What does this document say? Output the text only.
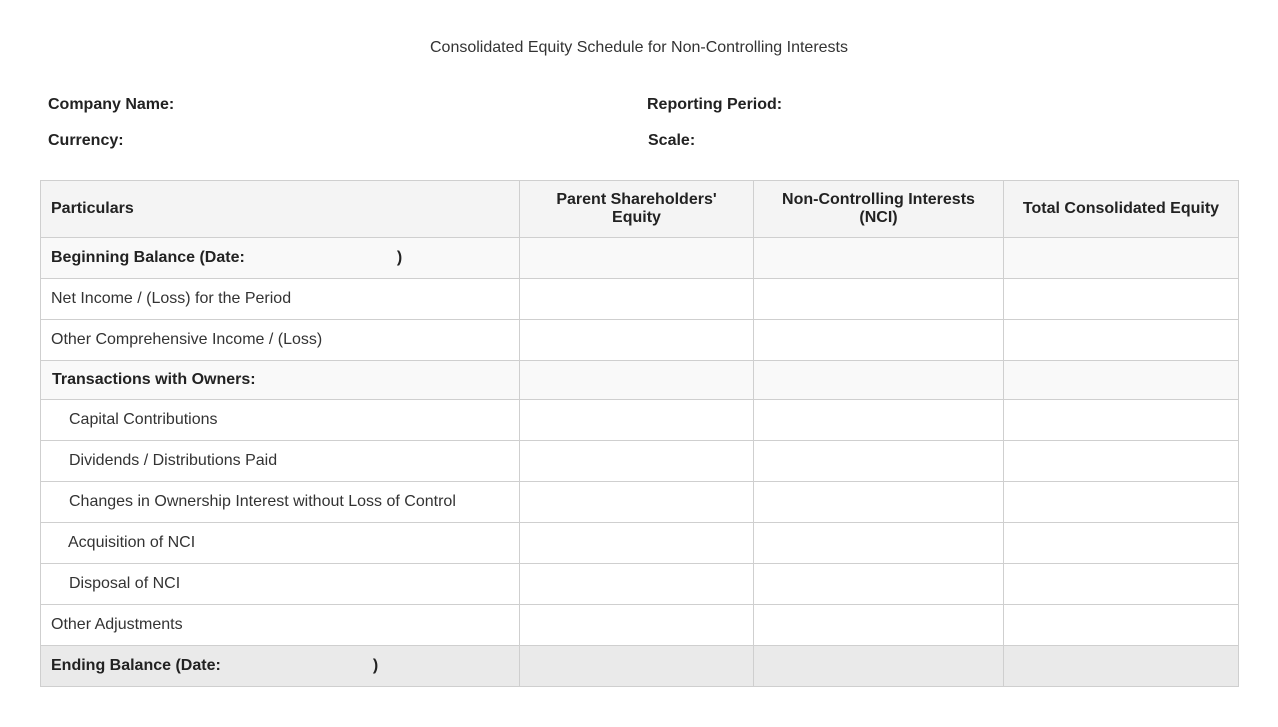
Consolidated Equity Schedule for Non-Controlling Interests
Company Name:	Reporting Period:
Currency:	Scale:
Particulars	Parent Shareholders' Equity	Non-Controlling Interests (NCI)	Total Consolidated Equity
Beginning Balance (Date: )			
Net Income / (Loss) for the Period			
Other Comprehensive Income / (Loss)			
Transactions with Owners:			
Capital Contributions			
Dividends / Distributions Paid			
Changes in Ownership Interest without Loss of Control			
Acquisition of NCI			
Disposal of NCI			
Other Adjustments			
Ending Balance (Date: )			
